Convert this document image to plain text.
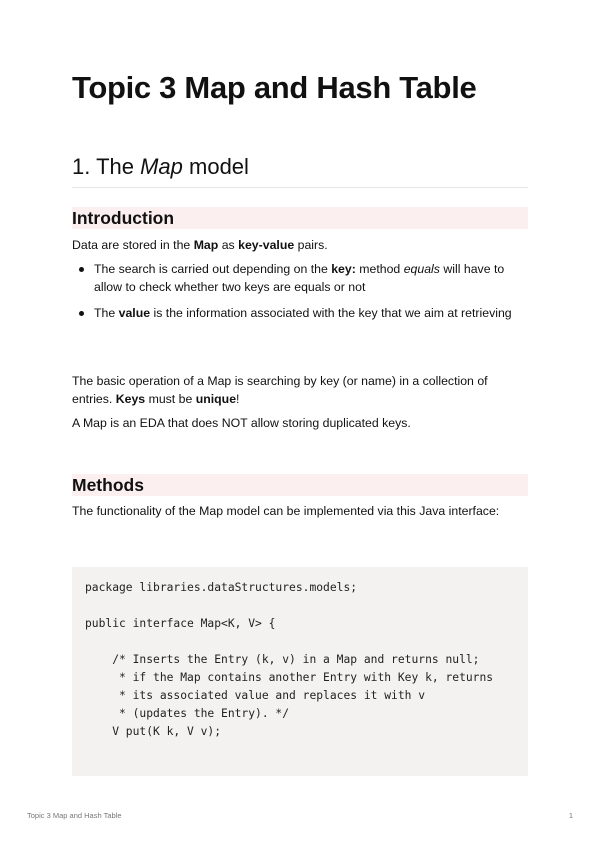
Topic 3 Map and Hash Table
1. The Map model
Introduction

Data are stored in the Map as key-value pairs.

The search is carried out depending on the key: method equals will have to allow to check whether two keys are equals or not
The value is the information associated with the key that we aim at retrieving

The basic operation of a Map is searching by key (or name) in a collection of entries. Keys must be unique!

A Map is an EDA that does NOT allow storing duplicated keys.

Methods

The functionality of the Map model can be implemented via this Java interface:

package libraries.dataStructures.models;

public interface Map<K, V> {

/* Inserts the Entry (k, v) in a Map and returns null;
* if the Map contains another Entry with Key k, returns
* its associated value and replaces it with v
* (updates the Entry). */
V put(K k, V v);
Topic 3 Map and Hash Table	1
